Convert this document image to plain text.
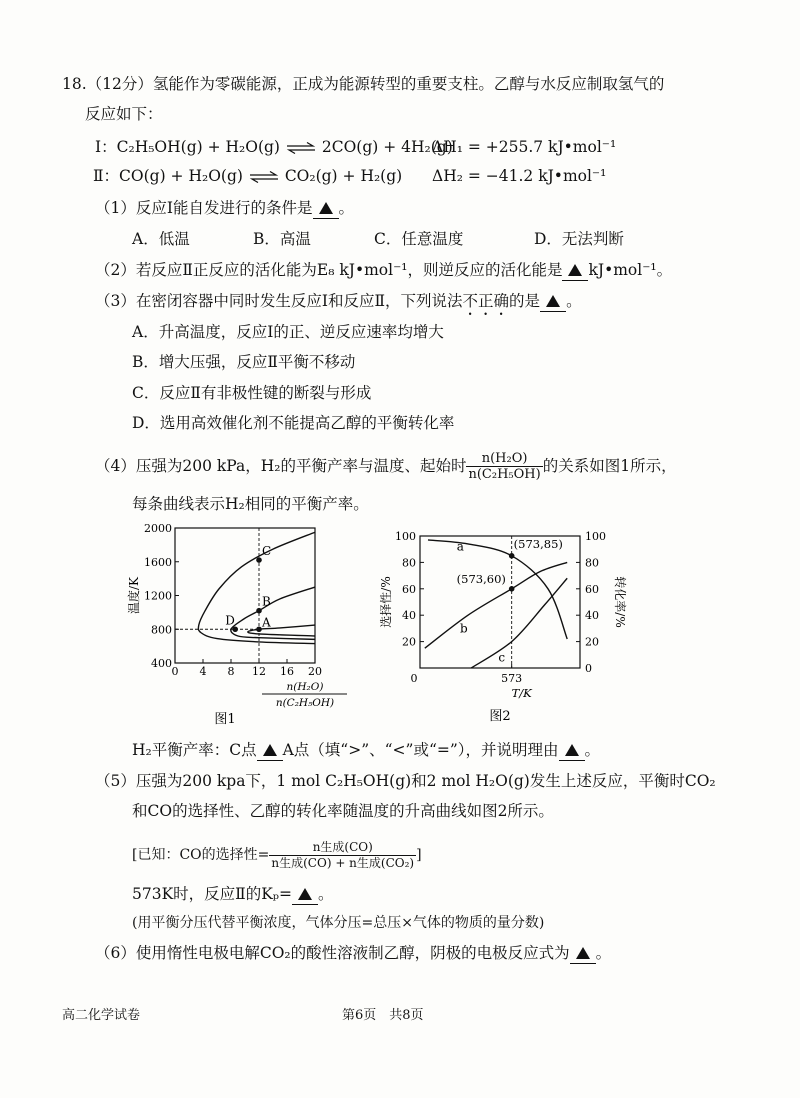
18.（12分）氢能作为零碳能源，正成为能源转型的重要支柱。乙醇与水反应制取氢气的
反应如下：
Ⅰ：C₂H₅OH(g) + H₂O(g) ⇌ 2CO(g) + 4H₂(g)
ΔH₁ = +255.7 kJ•mol⁻¹
Ⅱ：CO(g) + H₂O(g) ⇌ CO₂(g) + H₂(g) ΔH₂ = −41.2 kJ•mol⁻¹
（1）反应Ⅰ能自发进行的条件是 。
A．低温	B．高温	C．任意温度	D．无法判断
（2）若反应Ⅱ正反应的活化能为E₈ kJ•mol⁻¹，则逆反应的活化能是 kJ•mol⁻¹。
（3）在密闭容器中同时发生反应Ⅰ和反应Ⅱ，下列说法不正确的是 。
A．升高温度，反应Ⅰ的正、逆反应速率均增大
B．增大压强，反应Ⅱ平衡不移动
C．反应Ⅱ有非极性键的断裂与形成
D．选用高效催化剂不能提高乙醇的平衡转化率
（4）压强为200 kPa，H₂的平衡产率与温度、起始时 $\frac{\text{n(H₂O)}}{\text{n(C₂H₅OH)}}$ 的关系如图1所示，
每条曲线表示H₂相同的平衡产率。
0 4 8 12 16 20
400
800
1200
1600
2000
温度/K
n(H₂O)
n(C₂H₅OH)
C
B
A
D
图1
0
20	20
40	40
60	60
80	80
100	100
0	573
选择性/%	转化率/%
T/K
a
b
c
(573,85)
(573,60)
图2
H₂平衡产率：C点 A点（填“>”、“<”或“=”），并说明理由 。
（5）压强为200 kpa下，1 mol C₂H₅OH(g)和2 mol H₂O(g)发生上述反应，平衡时CO₂
和CO的选择性、乙醇的转化率随温度的升高曲线如图2所示。
[已知：CO的选择性= $\frac{\text{n生成(CO)}}{\text{n生成(CO) + n生成(CO₂)}}$ ]
573K时，反应Ⅱ的Kₚ= 。
(用平衡分压代替平衡浓度，气体分压=总压×气体的物质的量分数)
（6）使用惰性电极电解CO₂的酸性溶液制乙醇，阴极的电极反应式为 。
高二化学试卷	第6页　共8页
